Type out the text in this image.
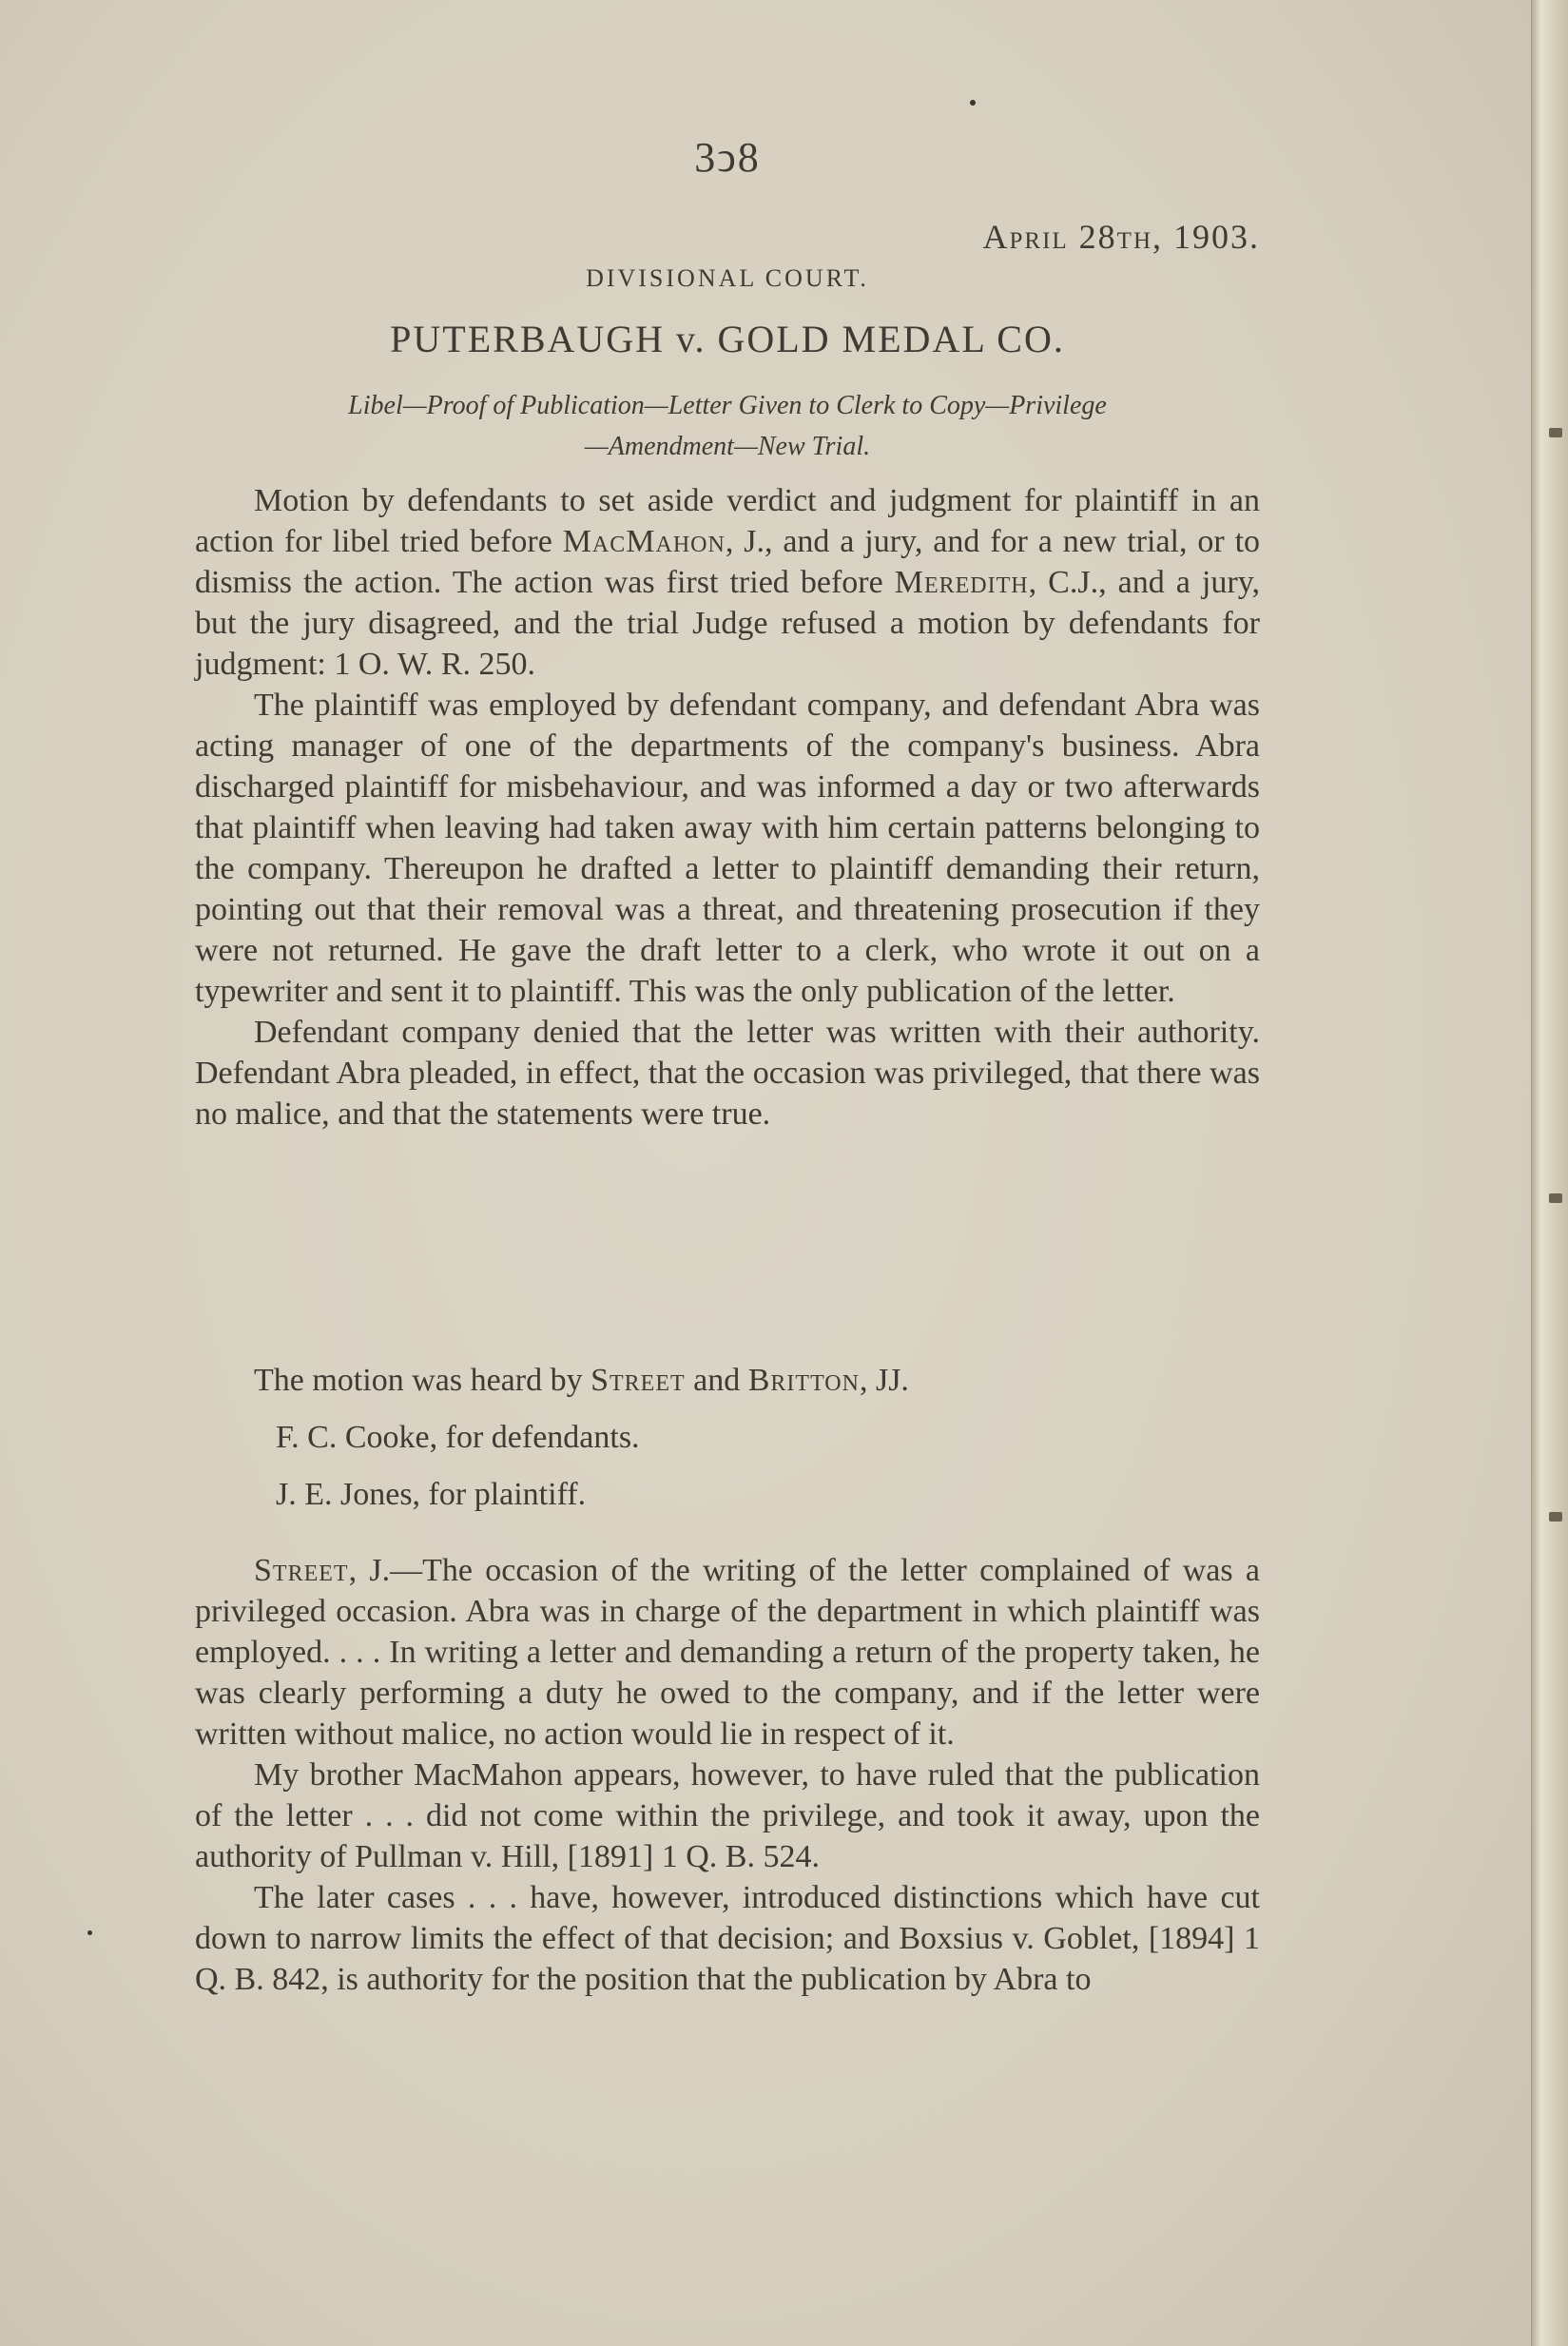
3ↄ8
April 28th, 1903.
DIVISIONAL COURT.
PUTERBAUGH v. GOLD MEDAL CO.
Libel—Proof of Publication—Letter Given to Clerk to Copy—Privilege
—Amendment—New Trial.

Motion by defendants to set aside verdict and judgment for plaintiff in an action for libel tried before MacMahon, J., and a jury, and for a new trial, or to dismiss the action. The action was first tried before Meredith, C.J., and a jury, but the jury disagreed, and the trial Judge refused a motion by defendants for judgment: 1 O. W. R. 250.

The plaintiff was employed by defendant company, and defendant Abra was acting manager of one of the departments of the company's business. Abra discharged plaintiff for misbehaviour, and was informed a day or two afterwards that plaintiff when leaving had taken away with him certain patterns belonging to the company. Thereupon he drafted a letter to plaintiff demanding their return, pointing out that their removal was a threat, and threatening prosecution if they were not returned. He gave the draft letter to a clerk, who wrote it out on a typewriter and sent it to plaintiff. This was the only publication of the letter.

Defendant company denied that the letter was written with their authority. Defendant Abra pleaded, in effect, that the occasion was privileged, that there was no malice, and that the statements were true.

The motion was heard by Street and Britton, JJ.

F. C. Cooke, for defendants.
J. E. Jones, for plaintiff.

Street, J.—The occasion of the writing of the letter complained of was a privileged occasion. Abra was in charge of the department in which plaintiff was employed. . . . In writing a letter and demanding a return of the property taken, he was clearly performing a duty he owed to the company, and if the letter were written without malice, no action would lie in respect of it.

My brother MacMahon appears, however, to have ruled that the publication of the letter . . . did not come within the privilege, and took it away, upon the authority of Pullman v. Hill, [1891] 1 Q. B. 524.

The later cases . . . have, however, introduced distinctions which have cut down to narrow limits the effect of that decision; and Boxsius v. Goblet, [1894] 1 Q. B. 842, is authority for the position that the publication by Abra to
